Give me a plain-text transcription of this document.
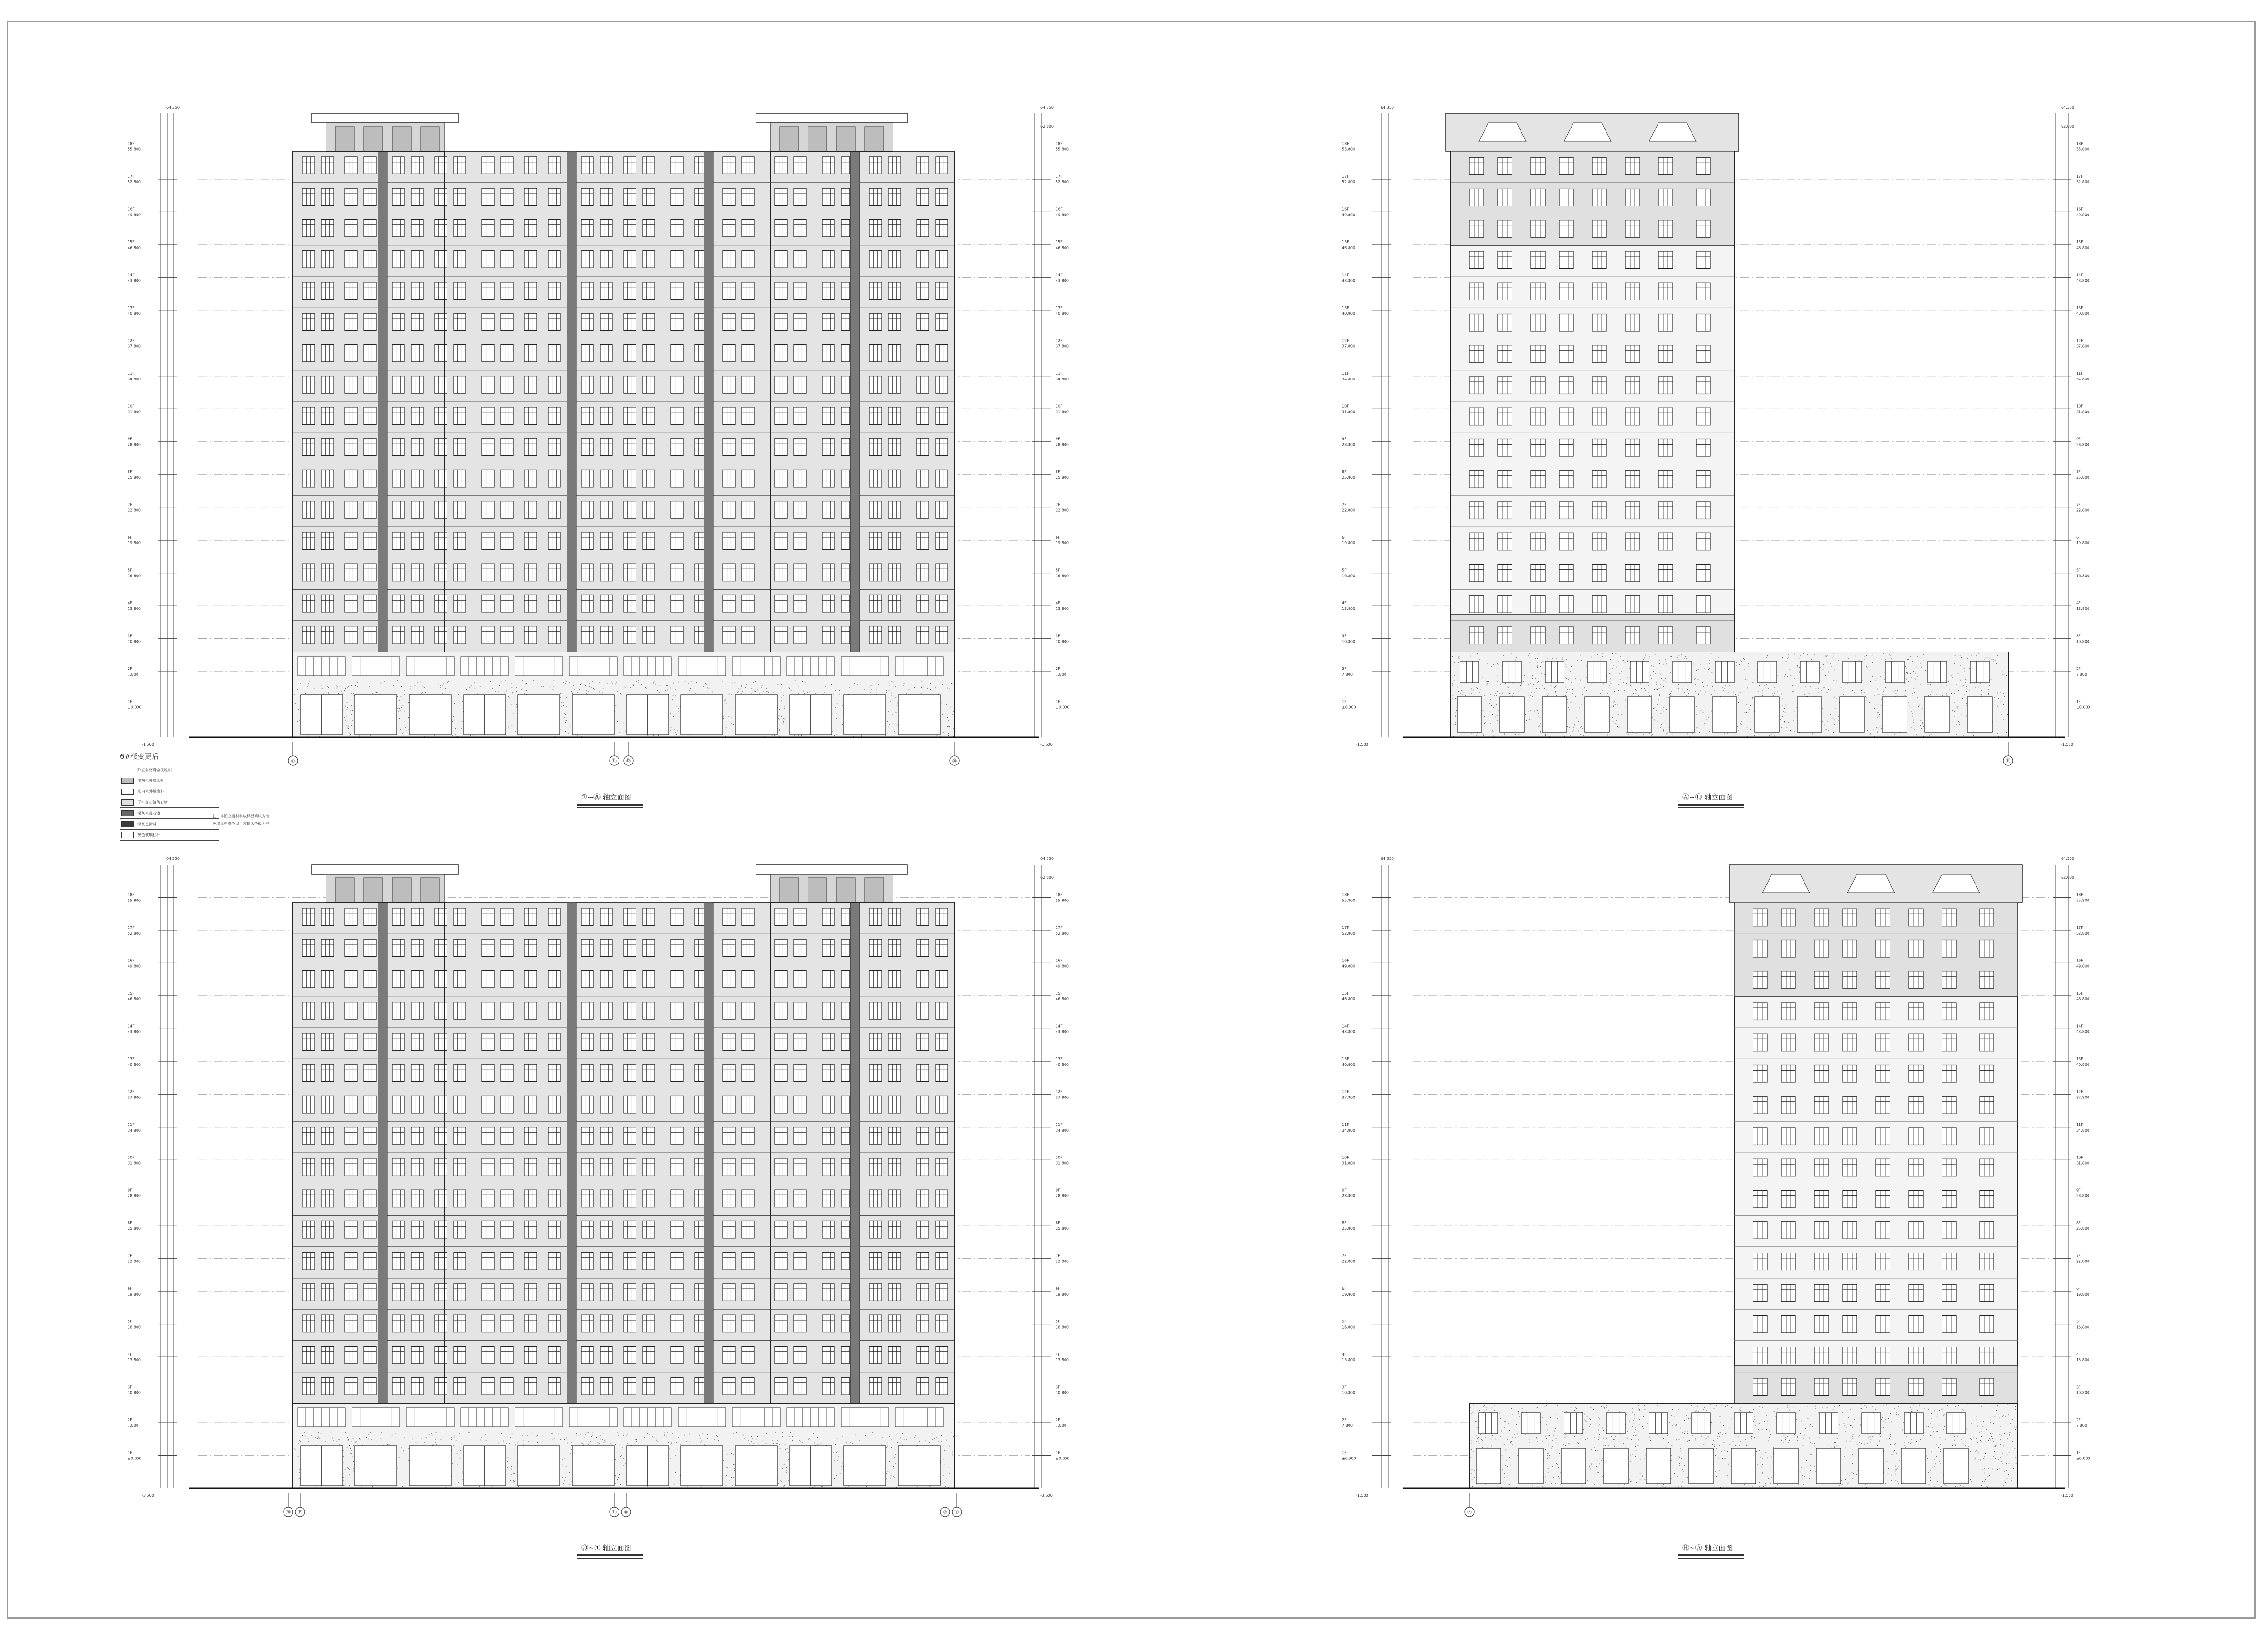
18F
55.800
17F
52.800
16F
49.800
15F
46.800
14F
43.800
13F
40.800
12F
37.800
11F
34.800
10F
31.800
9F
28.800
8F
25.800
7F
22.800
6F
19.800
5F
16.800
4F
13.800
3F
10.800
2F
7.800
1F
±0.000
18F
55.800
17F
52.800
16F
49.800
15F
46.800
14F
43.800
13F
40.800
12F
37.800
11F
34.800
10F
31.800
9F
28.800
8F
25.800
7F
22.800
6F
19.800
5F
16.800
4F
13.800
3F
10.800
2F
7.800
1F
±0.000
64.350	64.350
62.000
-1.500	-1.500
①	⑪ ⑫	⑳
①~⑳ 轴立面图
18F
55.800
17F
52.800
16F
49.800
15F
46.800
14F
43.800
13F
40.800
12F
37.800
11F
34.800
10F
31.800
9F
28.800
8F
25.800
7F
22.800
6F
19.800
5F
16.800
4F
13.800
3F
10.800
2F
7.800
1F
±0.000
18F
55.800
17F
52.800
16F
49.800
15F
46.800
14F
43.800
13F
40.800
12F
37.800
11F
34.800
10F
31.800
9F
28.800
8F
25.800
7F
22.800
6F
19.800
5F
16.800
4F
13.800
3F
10.800
2F
7.800
1F
±0.000
64.350	64.350
62.000
-1.500	-1.500
Ⓗ
Ⓐ~Ⓗ 轴立面图
18F
55.800
17F
52.800
16F
49.800
15F
46.800
14F
43.800
13F
40.800
12F
37.800
11F
34.800
10F
31.800
9F
28.800
8F
25.800
7F
22.800
6F
19.800
5F
16.800
4F
13.800
3F
10.800
2F
7.800
1F
±0.000
18F
55.800
17F
52.800
16F
49.800
15F
46.800
14F
43.800
13F
40.800
12F
37.800
11F
34.800
10F
31.800
9F
28.800
8F
25.800
7F
22.800
6F
19.800
5F
16.800
4F
13.800
3F
10.800
2F
7.800
1F
±0.000
64.350	64.350
62.000
-3.500	-3.500
⑳ ⑲	⑪ ⑩	② ①
⑳~① 轴立面图
18F
55.800
17F
52.800
16F
49.800
15F
46.800
14F
43.800
13F
40.800
12F
37.800
11F
34.800
10F
31.800
9F
28.800
8F
25.800
7F
22.800
6F
19.800
5F
16.800
4F
13.800
3F
10.800
2F
7.800
1F
±0.000
18F
55.800
17F
52.800
16F
49.800
15F
46.800
14F
43.800
13F
40.800
12F
37.800
11F
34.800
10F
31.800
9F
28.800
8F
25.800
7F
22.800
6F
19.800
5F
16.800
4F
13.800
3F
10.800
2F
7.800
1F
±0.000
64.350	64.350
62.000
-1.500	-1.500
Ⓐ
Ⓗ~Ⓐ 轴立面图
6#楼变更后
	外立面材料做法说明

	浅灰色外墙涂料

	米白色外墙涂料

	干挂真石漆仿石材

	深灰色真石漆

	深灰色涂料

	灰色玻璃栏杆
注：本图立面材料以样板确认为准
外墙涂料颜色以甲方确认色板为准
